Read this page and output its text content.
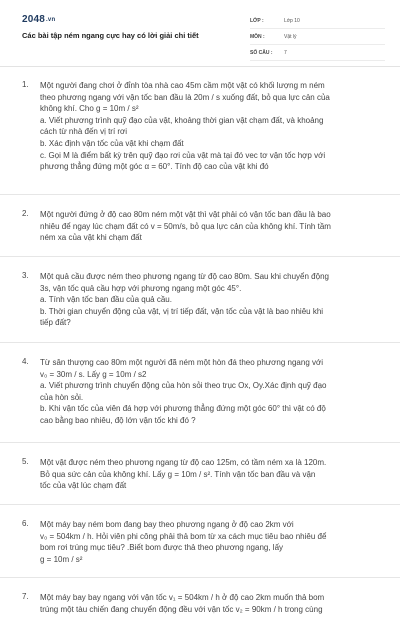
2048.vn
Các bài tập ném ngang cực hay có lời giải chi tiết
LỚP :	Lớp 10
MÔN :	Vật lý
SỐ CÂU :	7
1. Một người đang chơi ở đỉnh tòa nhà cao 45m cầm một vật có khối lượng m ném

theo phương ngang với vận tốc ban đầu là 20m / s xuống đất, bỏ qua lực cản của

không khí. Cho g = 10m / s²

a. Viết phương trình quỹ đạo của vật, khoảng thời gian vật chạm đất, và khoảng

cách từ nhà đến vị trí rơi

b. Xác định vận tốc của vật khi chạm đất

c. Gọi M là điểm bất kỳ trên quỹ đạo rơi của vật mà tại đó vec tơ vận tốc hợp với

phương thẳng đứng một góc α = 60°. Tính độ cao của vật khi đó

2. Một người đứng ở độ cao 80m ném một vật thì vật phải có vận tốc ban đầu là bao

nhiêu để ngay lúc chạm đất có v = 50m/s, bỏ qua lực cản của không khí. Tính tầm

ném xa của vật khi chạm đất

3. Một quả cầu được ném theo phương ngang từ độ cao 80m. Sau khi chuyển động

3s, vận tốc quả cầu hợp với phương ngang một góc 45°.

a. Tính vận tốc ban đầu của quả cầu.

b. Thời gian chuyển động của vật, vị trí tiếp đất, vận tốc của vật là bao nhiêu khi

tiếp đất?

4. Từ sân thượng cao 80m một người đã ném một hòn đá theo phương ngang với

v₀ = 30m / s. Lấy g = 10m / s2

a. Viết phương trình chuyển động của hòn sỏi theo trục Ox, Oy.Xác định quỹ đạo

của hòn sỏi.

b. Khi vận tốc của viên đá hợp với phương thẳng đứng một góc 60° thì vật có độ

cao bằng bao nhiêu, độ lớn vận tốc khi đó ?

5. Một vật được ném theo phương ngang từ độ cao 125m, có tầm ném xa là 120m.

Bỏ qua sức cản của không khí. Lấy g = 10m / s². Tính vận tốc ban đầu và vận

tốc của vật lúc chạm đất

6. Một máy bay ném bom đang bay theo phương ngang ở độ cao 2km với

v₀ = 504km / h. Hỏi viên phi công phải thả bom từ xa cách mục tiêu bao nhiêu để

bom rơi trúng mục tiêu? .Biết bom được thả theo phương ngang, lấy

g = 10m / s²

7. Một máy bay bay ngang với vận tốc v₁ = 504km / h ở độ cao 2km muốn thả bom

trúng một tàu chiến đang chuyển động đều với vận tốc v₂ = 90km / h trong cùng
